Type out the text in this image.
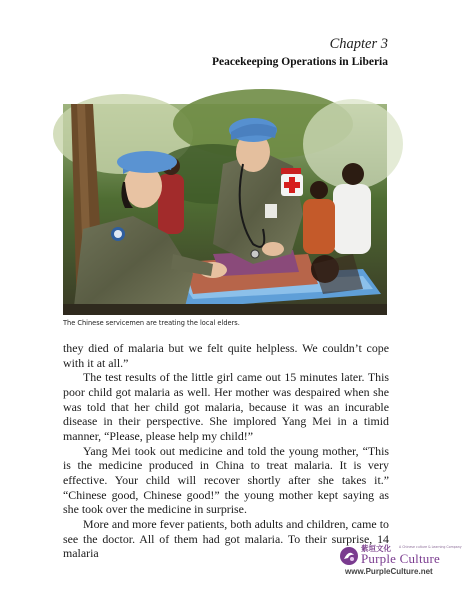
Chapter 3
Peacekeeping Operations in Liberia

The Chinese servicemen are treating the local elders.

they died of malaria but we felt quite helpless. We couldn’t cope with it at all.”

The test results of the little girl came out 15 minutes later. This poor child got malaria as well. Her mother was despaired when she was told that her child got malaria, because it was an incurable disease in their perspective. She implored Yang Mei in a timid manner, “Please, please help my child!”

Yang Mei took out medicine and told the young mother, “This is the medicine produced in China to treat malaria. It is very effective. Your child will recover shortly after she takes it.” “Chinese good, Chinese good!” the young mother kept saying as she took over the medicine in surprise.

More and more fever patients, both adults and children, came to see the doctor. All of them had got malaria. To their surprise, 14 malaria	紫垣文化	A Chinese culture & Learning Company
Purple Culture
www.PurpleCulture.net
